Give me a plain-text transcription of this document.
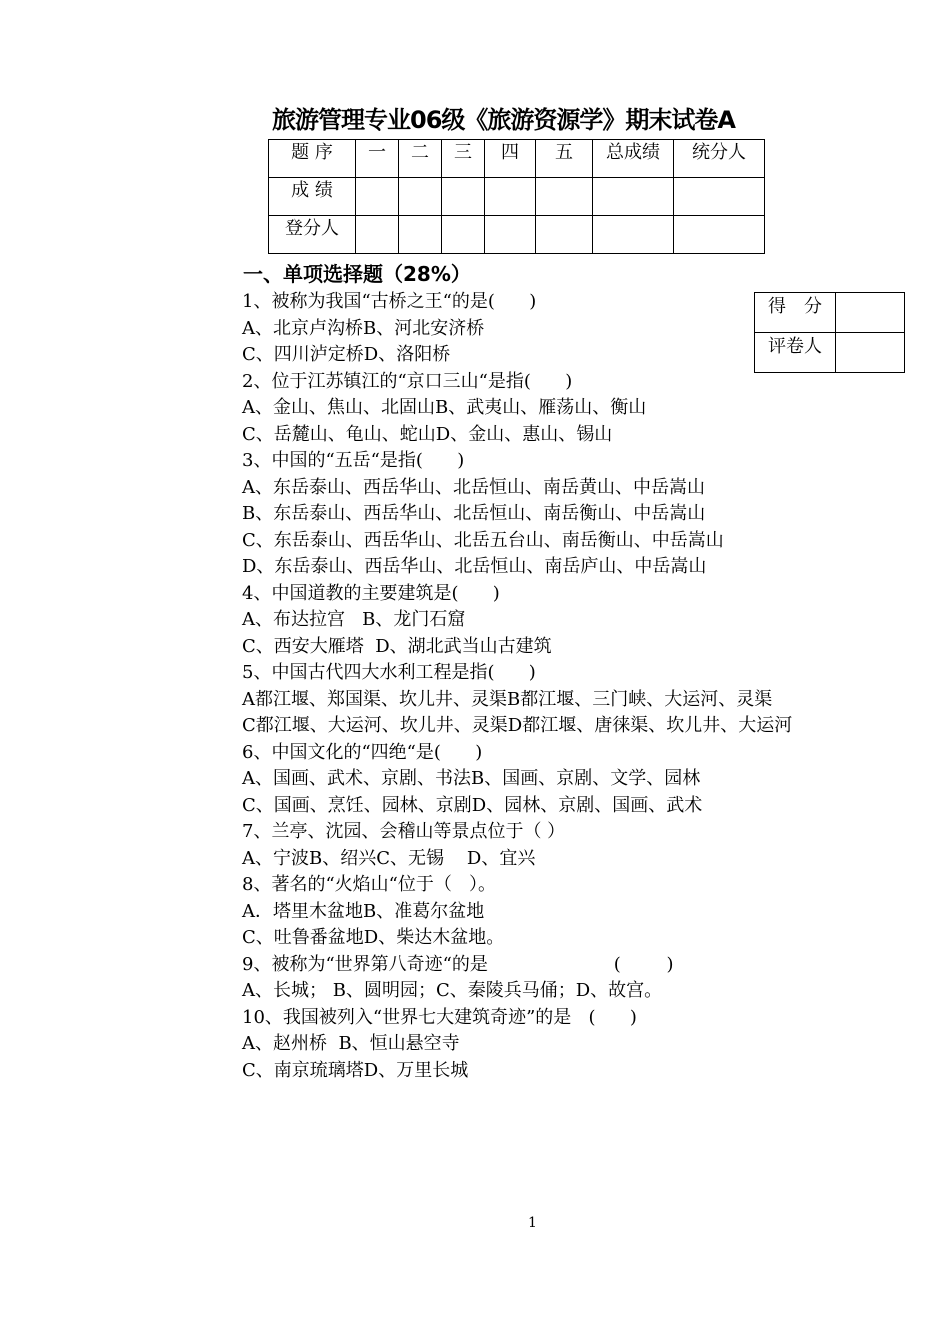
旅游管理专业06级《旅游资源学》期末试卷A
题 序	一	二	三	四	五	总成绩	统分人
成 绩							
登分人							
一、单项选择题（28%）
得　分	
评卷人	
1、被称为我国“古桥之王“的是(      )
A、北京卢沟桥B、河北安济桥
C、四川泸定桥D、洛阳桥
2、位于江苏镇江的“京口三山“是指(      )
A、金山、焦山、北固山B、武夷山、雁荡山、衡山
C、岳麓山、龟山、蛇山D、金山、惠山、锡山
3、中国的“五岳“是指(      )
A、东岳泰山、西岳华山、北岳恒山、南岳黄山、中岳嵩山
B、东岳泰山、西岳华山、北岳恒山、南岳衡山、中岳嵩山
C、东岳泰山、西岳华山、北岳五台山、南岳衡山、中岳嵩山
D、东岳泰山、西岳华山、北岳恒山、南岳庐山、中岳嵩山
4、中国道教的主要建筑是(      )
A、布达拉宫   B、龙门石窟
C、西安大雁塔  D、湖北武当山古建筑
5、中国古代四大水利工程是指(      )
A都江堰、郑国渠、坎儿井、灵渠B都江堰、三门峡、大运河、灵渠
C都江堰、大运河、坎儿井、灵渠D都江堰、唐徕渠、坎儿井、大运河
6、中国文化的“四绝“是(      )
A、国画、武术、京剧、书法B、国画、京剧、文学、园林
C、国画、烹饪、园林、京剧D、园林、京剧、国画、武术
7、兰亭、沈园、会稽山等景点位于（ ）
A、宁波B、绍兴C、无锡    D、宜兴
8、著名的“火焰山“位于（   ）。
A．塔里木盆地B、准葛尔盆地
C、吐鲁番盆地D、柴达木盆地。
9、被称为“世界第八奇迹“的是                      (        )
A、长城； B、圆明园；C、秦陵兵马俑；D、故宫。
10、我国被列入“世界七大建筑奇迹”的是   (      )
A、赵州桥  B、恒山悬空寺
C、南京琉璃塔D、万里长城
1
